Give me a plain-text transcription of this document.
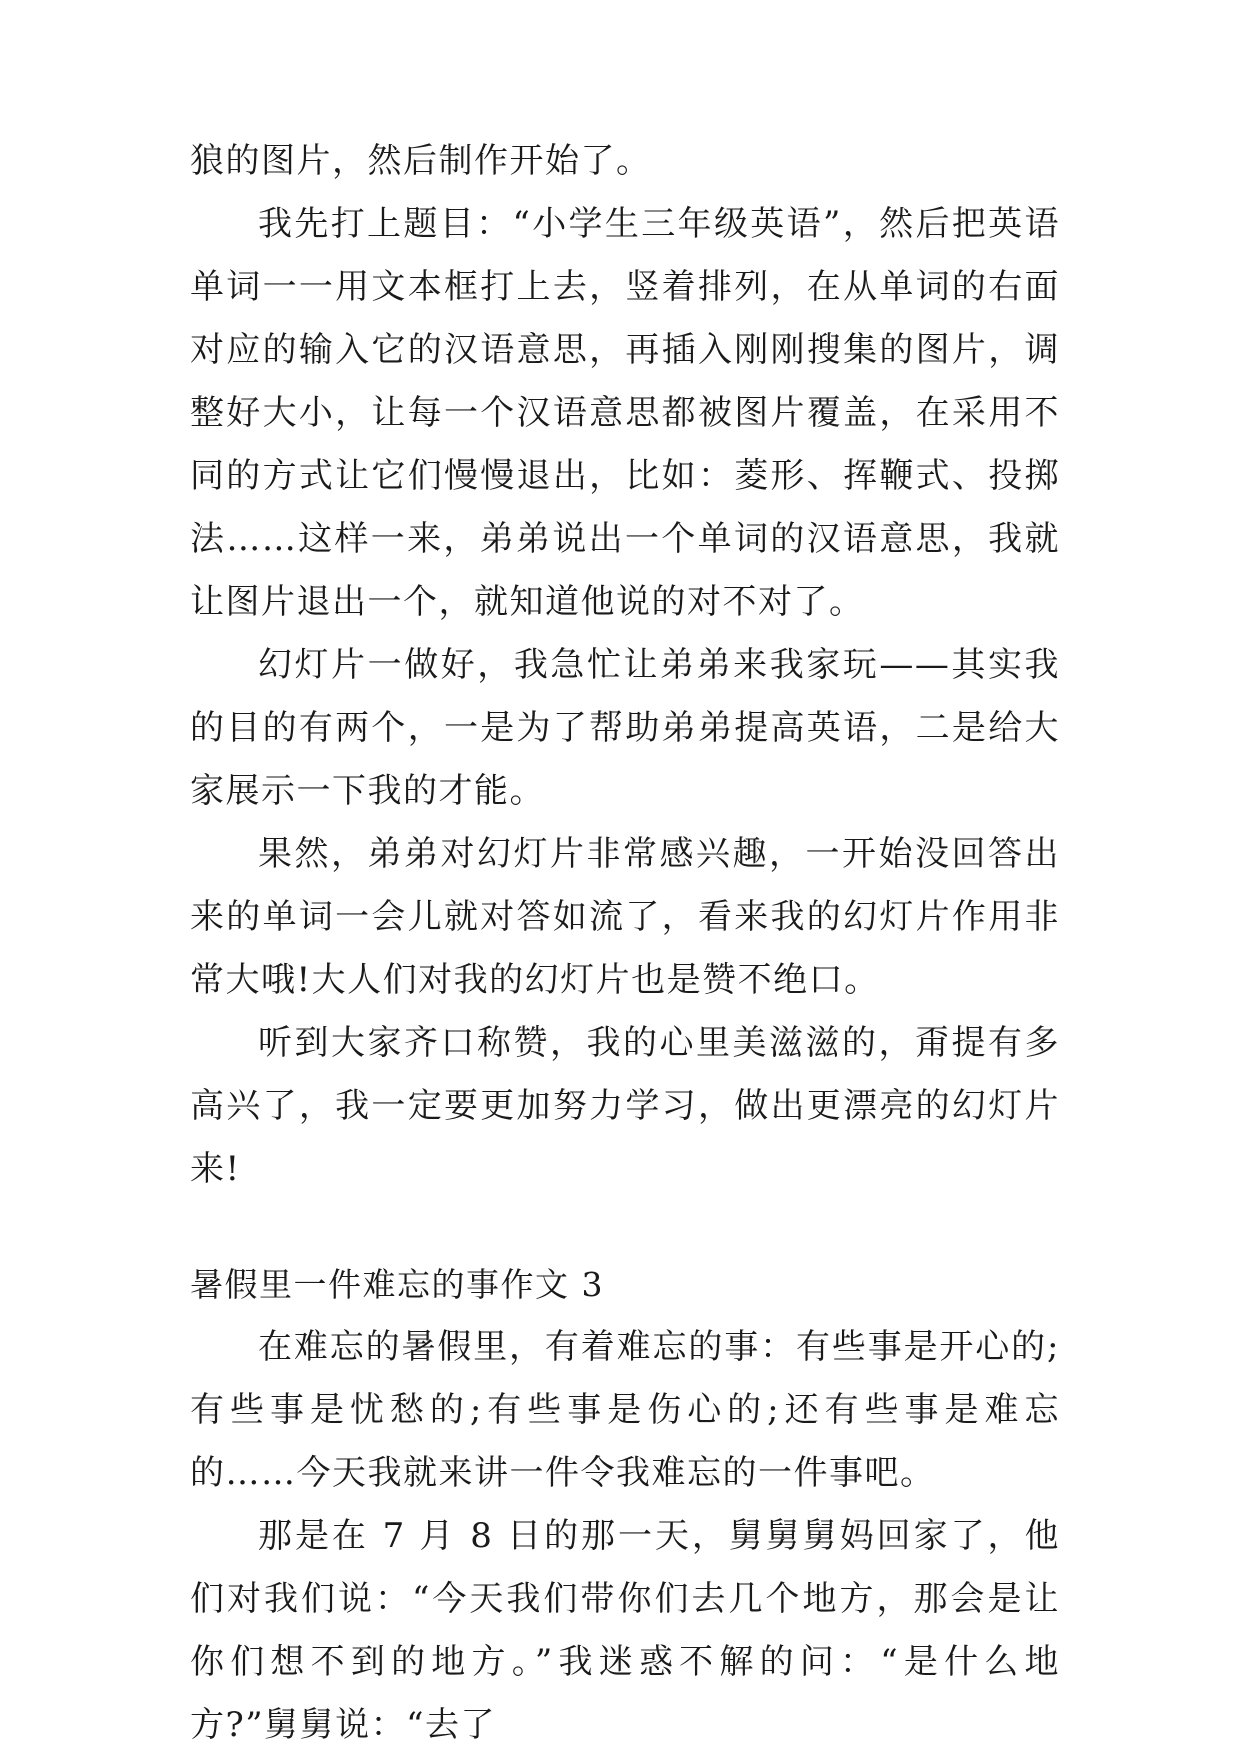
狼的图片，然后制作开始了。

我先打上题目：“小学生三年级英语”，然后把英语单词一一用文本框打上去，竖着排列，在从单词的右面对应的输入它的汉语意思，再插入刚刚搜集的图片，调整好大小，让每一个汉语意思都被图片覆盖，在采用不同的方式让它们慢慢退出，比如：菱形、挥鞭式、投掷法……这样一来，弟弟说出一个单词的汉语意思，我就让图片退出一个，就知道他说的对不对了。

幻灯片一做好，我急忙让弟弟来我家玩——其实我的目的有两个，一是为了帮助弟弟提高英语，二是给大家展示一下我的才能。

果然，弟弟对幻灯片非常感兴趣，一开始没回答出来的单词一会儿就对答如流了，看来我的幻灯片作用非常大哦!大人们对我的幻灯片也是赞不绝口。

听到大家齐口称赞，我的心里美滋滋的，甭提有多高兴了，我一定要更加努力学习，做出更漂亮的幻灯片来!

暑假里一件难忘的事作文 3

在难忘的暑假里，有着难忘的事：有些事是开心的;有些事是忧愁的;有些事是伤心的;还有些事是难忘的……今天我就来讲一件令我难忘的一件事吧。

那是在 7 月 8 日的那一天，舅舅舅妈回家了，他们对我们说：“今天我们带你们去几个地方，那会是让你们想不到的地方。”我迷惑不解的问：“是什么地方?”舅舅说：“去了
